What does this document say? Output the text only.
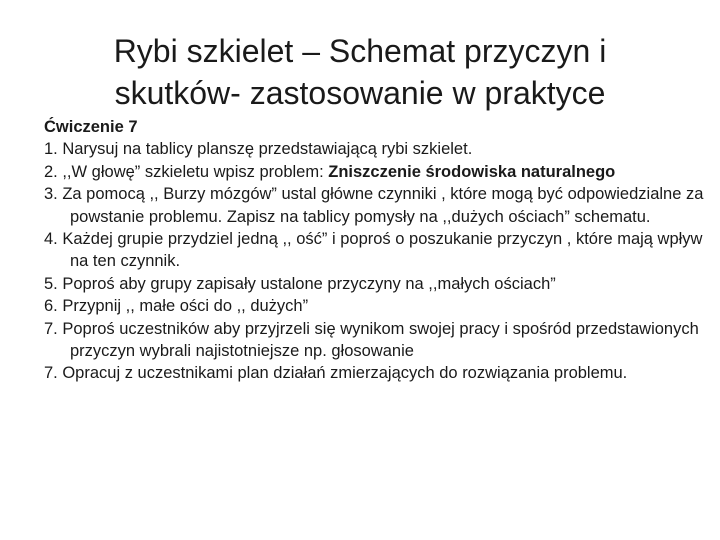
Rybi szkielet – Schemat przyczyn i
skutków- zastosowanie w praktyce
Ćwiczenie 7

1. Narysuj na tablicy planszę przedstawiającą rybi szkielet.

2. ,,W głowę” szkieletu wpisz problem: Zniszczenie środowiska naturalnego

3. Za pomocą ,, Burzy mózgów” ustal główne czynniki , które mogą być odpowiedzialne za powstanie problemu. Zapisz na tablicy pomysły na ,,dużych ościach” schematu.

4. Każdej grupie przydziel jedną ,, ość” i poproś o poszukanie przyczyn , które mają wpływ na ten czynnik.

5. Poproś aby grupy zapisały ustalone przyczyny na ,,małych ościach”

6. Przypnij ,, małe ości do ,, dużych”

7. Poproś uczestników aby przyjrzeli się wynikom swojej pracy i spośród przedstawionych przyczyn wybrali najistotniejsze np. głosowanie

7. Opracuj z uczestnikami plan działań zmierzających do rozwiązania problemu.
